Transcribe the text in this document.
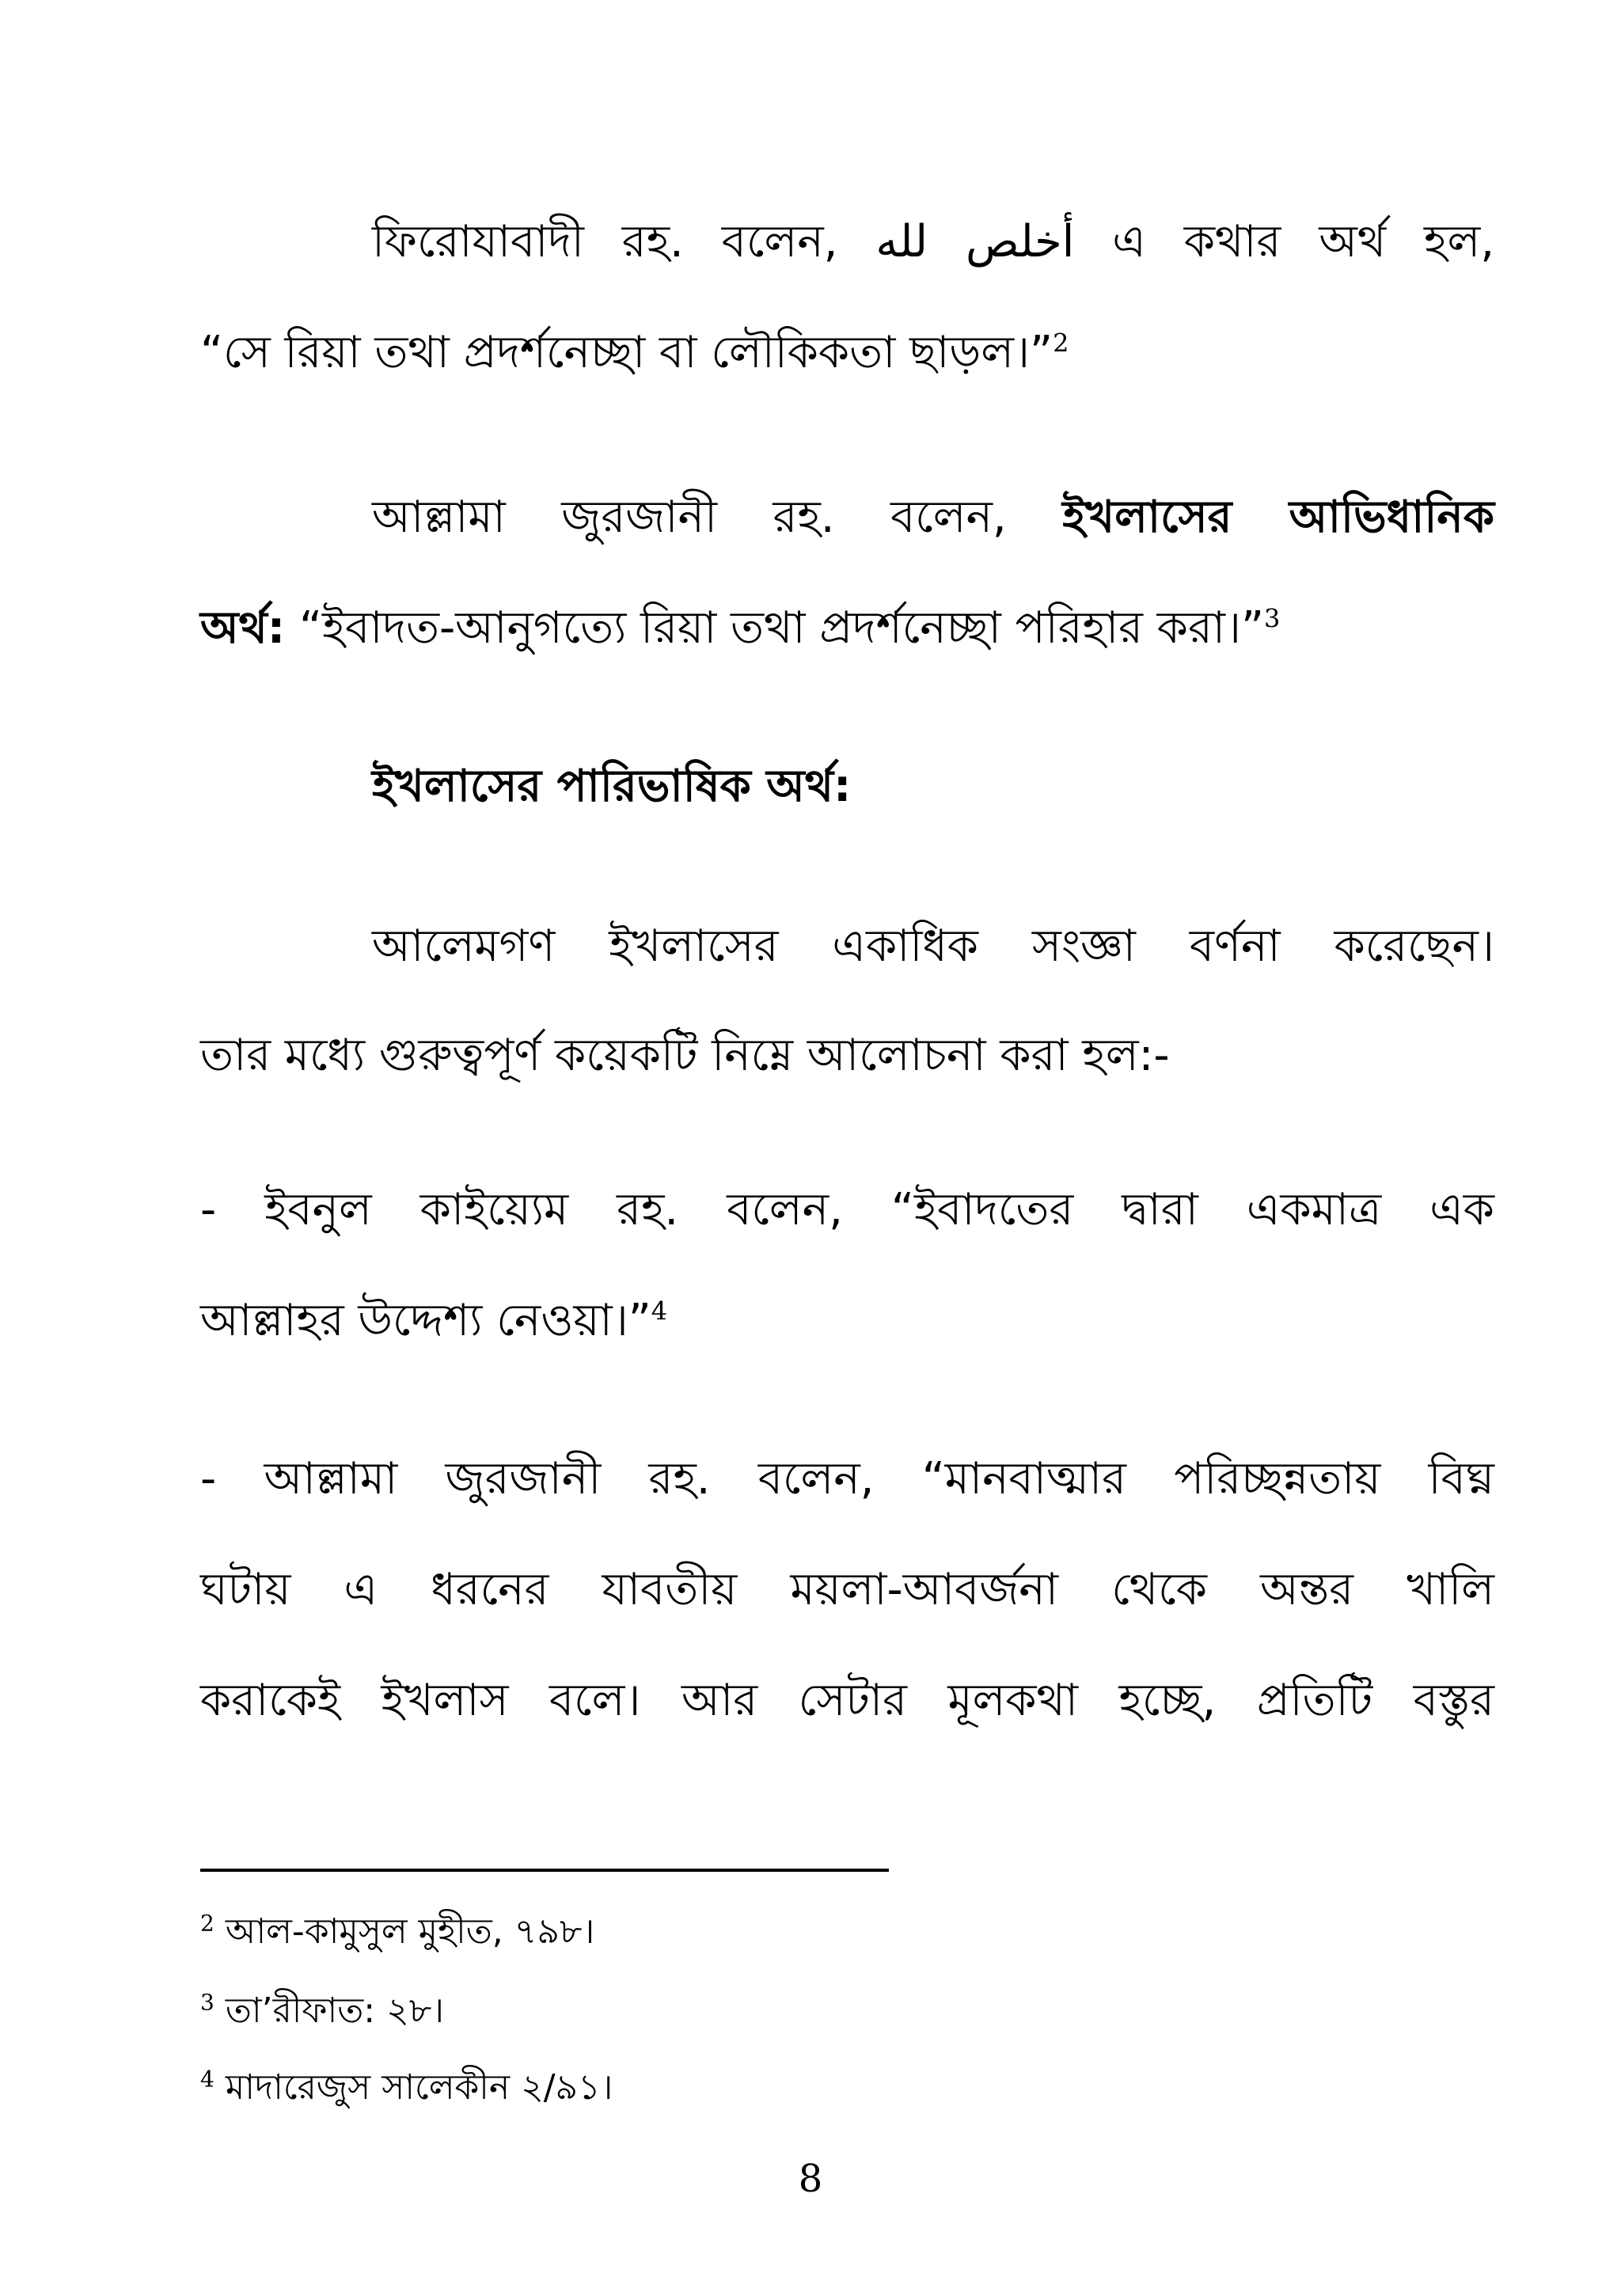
ফিরোযাবাদী রহ. বলেন, أخلص لله এ কথার অর্থ হল,
“সে রিয়া তথা প্রদর্শনেচ্ছা বা লৌকিকতা ছাড়ল।”$^2$
আল্লামা জুরজানী রহ. বলেন, ইখলাসের আভিধানিক
অর্থ: “ইবাদত-আনুগত্যে রিয়া তথা প্রদর্শনেচ্ছা পরিহার করা।”$^3$
ইখলাসের পারিভাষিক অর্থ:
আলেমগণ ইখলাসের একাধিক সংজ্ঞা বর্ণনা করেছেন।
তার মধ্যে গুরুত্বপূর্ণ কয়েকটি নিম্নে আলোচনা করা হল:-
- ইবনুল কাইয়্যেম রহ. বলেন, “ইবাদতের দ্বারা একমাত্র এক
আল্লাহর উদ্দেশ্য নেওয়া।”$^4$
- আল্লামা জুরজানী রহ. বলেন, “মানবাত্মার পরিচ্ছন্নতায় বিঘ্ন
ঘটায় এ ধরনের যাবতীয় ময়লা-আবর্জনা থেকে অন্তর খালি
করাকেই ইখলাস বলে। আর সেটার মূলকথা হচ্ছে, প্রতিটি বস্তুর
$^2$ আল-কামুসুল মুহীত, ৭৯৮।
$^3$ তা’রীফাত: ২৮।
$^4$ মাদারেজুস সালেকীন ২/৯১।
8
